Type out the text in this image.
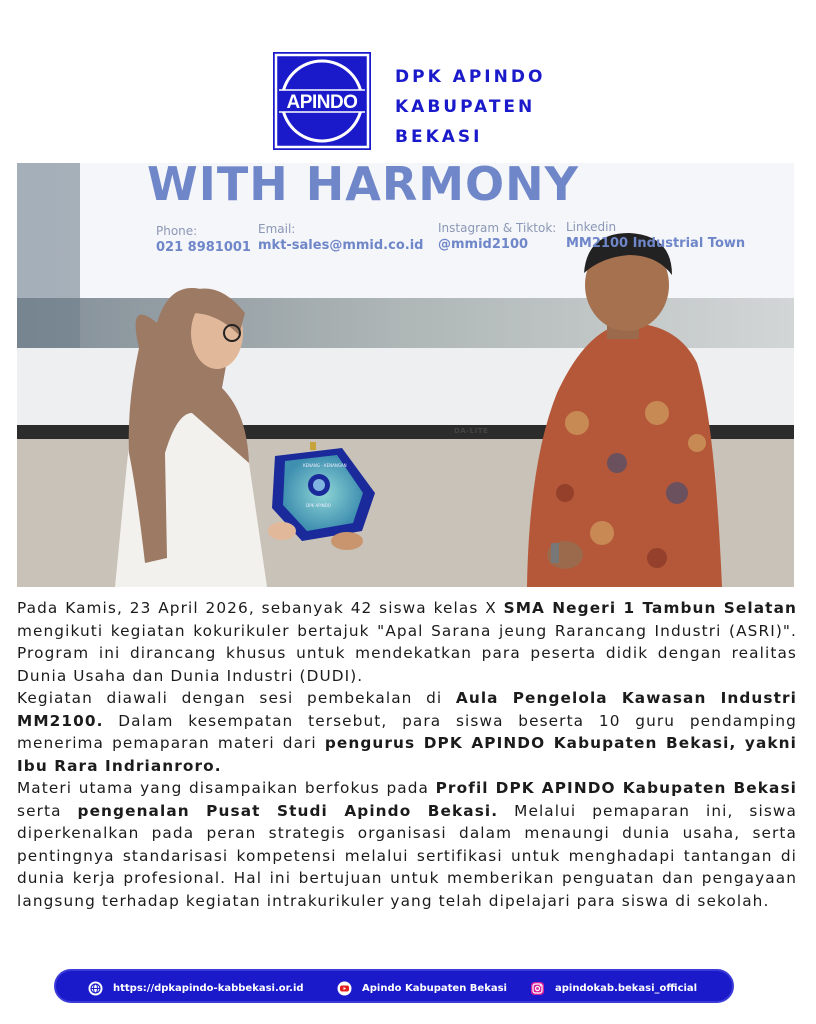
APINDO
DPK APINDO
KABUPATEN
BEKASI
WITH HARMONY
Phone:
021 8981001
Email:
mkt-sales@mmid.co.id
Instagram & Tiktok:
@mmid2100
Linkedin
MM2100 Industrial Town
DA-LITE
KENANG - KENANGAN
DPK APINDO

Pada Kamis, 23 April 2026, sebanyak 42 siswa kelas X SMA Negeri 1 Tambun Selatan mengikuti kegiatan kokurikuler bertajuk "Apal Sarana jeung Rarancang Industri (ASRI)". Program ini dirancang khusus untuk mendekatkan para peserta didik dengan realitas Dunia Usaha dan Dunia Industri (DUDI).

Kegiatan diawali dengan sesi pembekalan di Aula Pengelola Kawasan Industri MM2100. Dalam kesempatan tersebut, para siswa beserta 10 guru pendamping menerima pemaparan materi dari pengurus DPK APINDO Kabupaten Bekasi, yakni Ibu Rara Indrianroro.

Materi utama yang disampaikan berfokus pada Profil DPK APINDO Kabupaten Bekasi serta pengenalan Pusat Studi Apindo Bekasi. Melalui pemaparan ini, siswa diperkenalkan pada peran strategis organisasi dalam menaungi dunia usaha, serta pentingnya standarisasi kompetensi melalui sertifikasi untuk menghadapi tantangan di dunia kerja profesional. Hal ini bertujuan untuk memberikan penguatan dan pengayaan langsung terhadap kegiatan intrakurikuler yang telah dipelajari para siswa di sekolah.

https://dpkapindo-kabbekasi.or.id	Apindo Kabupaten Bekasi	apindokab.bekasi_official
